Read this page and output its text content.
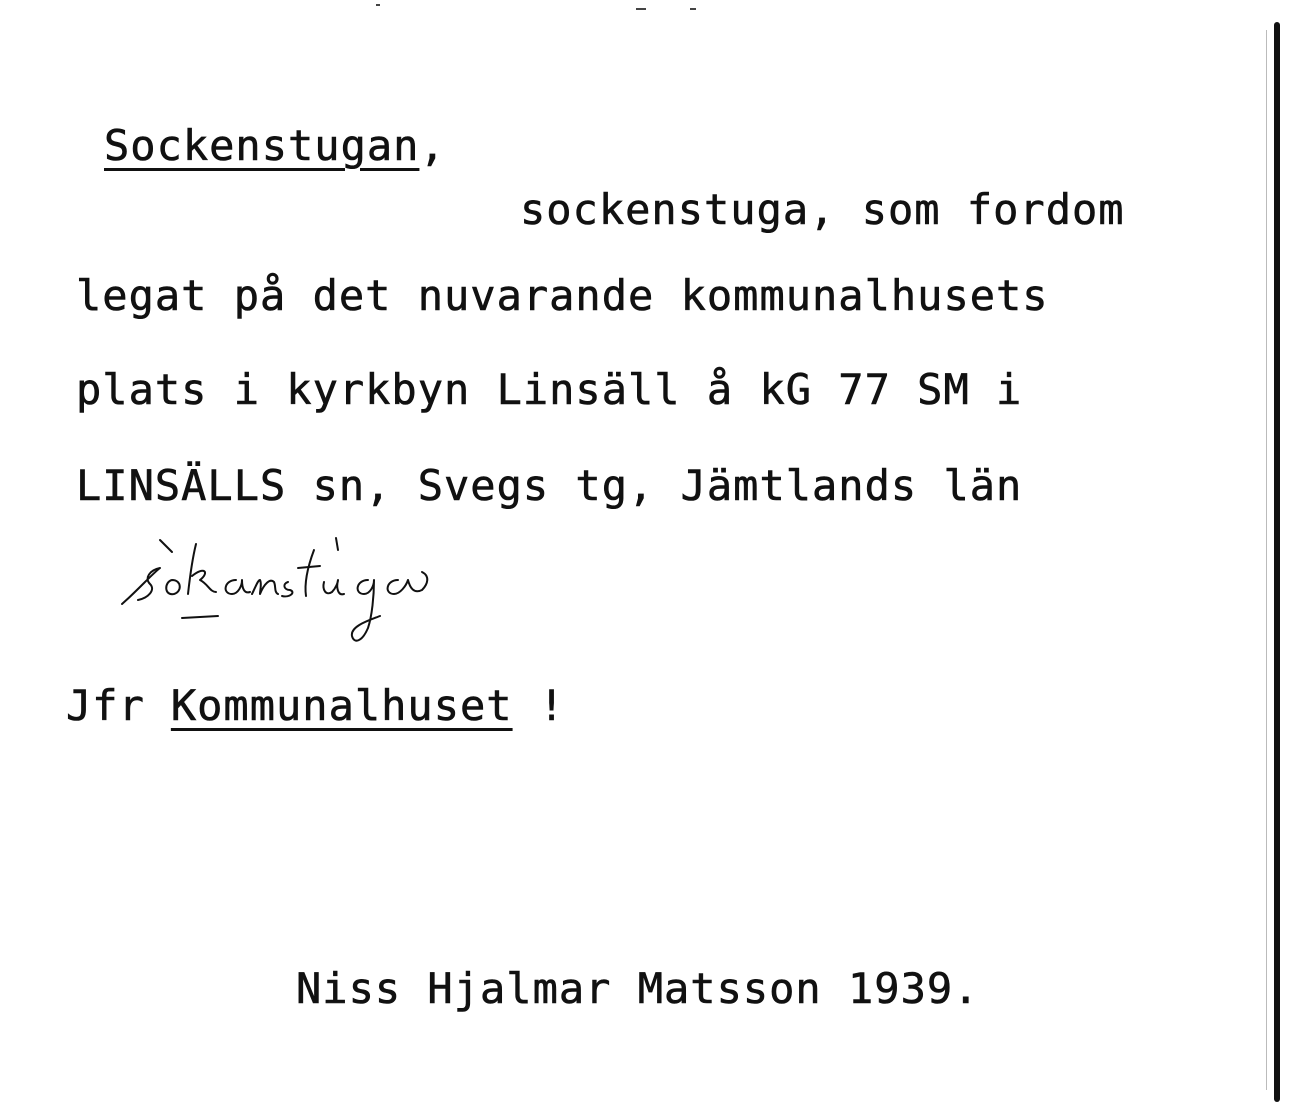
Sockenstugan,
sockenstuga, som fordom
legat på det nuvarande kommunalhusets
plats i kyrkbyn Linsäll å kG 77 SM i
LINSÄLLS sn, Svegs tg, Jämtlands län
Jfr Kommunalhuset !
Niss Hjalmar Matsson 1939.
